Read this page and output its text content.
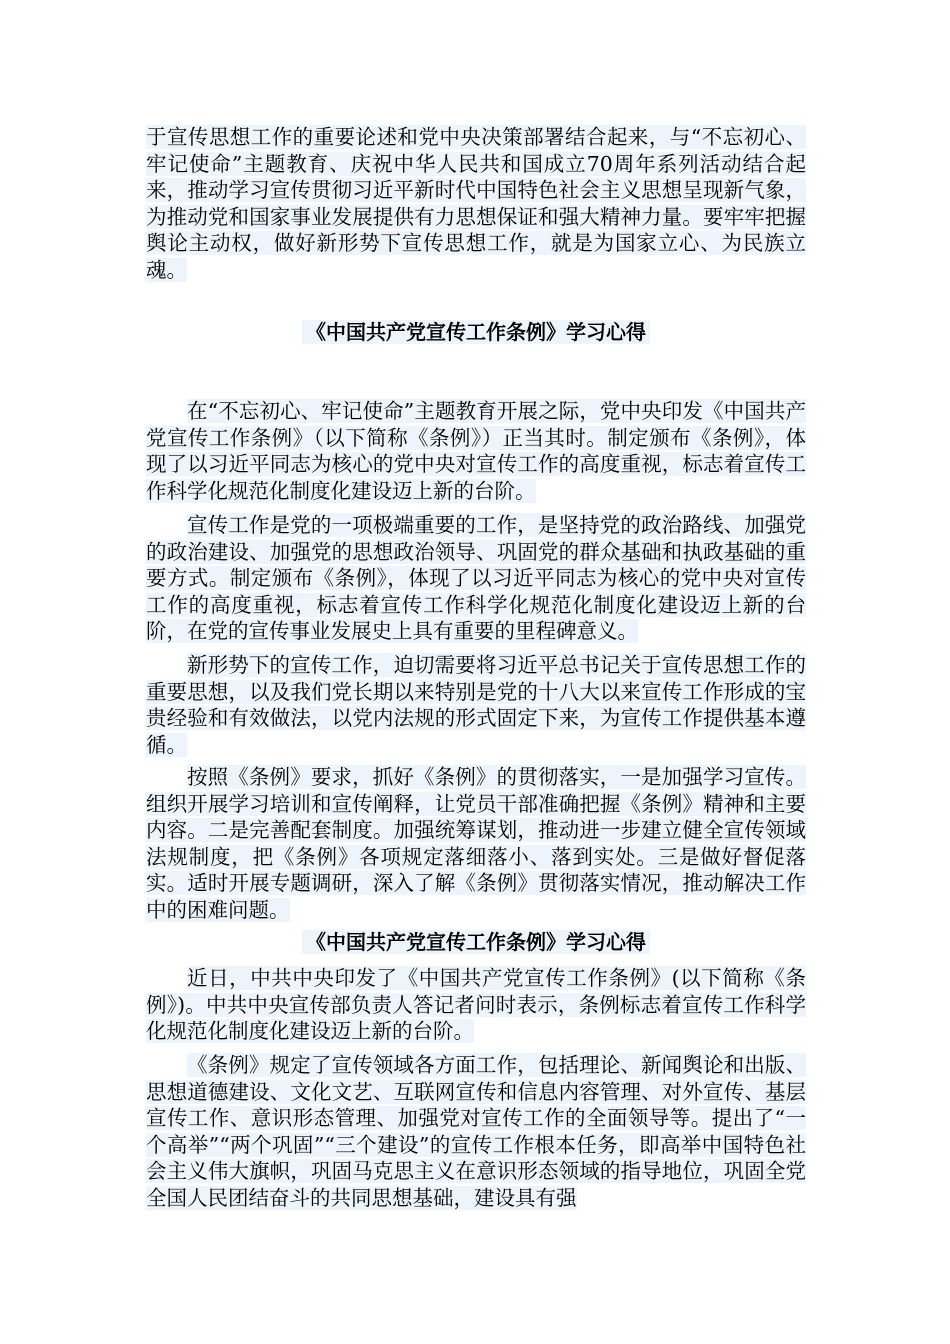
于宣传思想工作的重要论述和党中央决策部署结合起来，与“不忘初心、牢记使命”主题教育、庆祝中华人民共和国成立70周年系列活动结合起来，推动学习宣传贯彻习近平新时代中国特色社会主义思想呈现新气象，为推动党和国家事业发展提供有力思想保证和强大精神力量。要牢牢把握舆论主动权，做好新形势下宣传思想工作，就是为国家立心、为民族立魂。

《中国共产党宣传工作条例》学习心得

在“不忘初心、牢记使命”主题教育开展之际，党中央印发《中国共产党宣传工作条例》（以下简称《条例》）正当其时。制定颁布《条例》，体现了以习近平同志为核心的党中央对宣传工作的高度重视，标志着宣传工作科学化规范化制度化建设迈上新的台阶。

宣传工作是党的一项极端重要的工作，是坚持党的政治路线、加强党的政治建设、加强党的思想政治领导、巩固党的群众基础和执政基础的重要方式。制定颁布《条例》，体现了以习近平同志为核心的党中央对宣传工作的高度重视，标志着宣传工作科学化规范化制度化建设迈上新的台阶，在党的宣传事业发展史上具有重要的里程碑意义。

新形势下的宣传工作，迫切需要将习近平总书记关于宣传思想工作的重要思想，以及我们党长期以来特别是党的十八大以来宣传工作形成的宝贵经验和有效做法，以党内法规的形式固定下来，为宣传工作提供基本遵循。

按照《条例》要求，抓好《条例》的贯彻落实，一是加强学习宣传。组织开展学习培训和宣传阐释，让党员干部准确把握《条例》精神和主要内容。二是完善配套制度。加强统筹谋划，推动进一步建立健全宣传领域法规制度，把《条例》各项规定落细落小、落到实处。三是做好督促落实。适时开展专题调研，深入了解《条例》贯彻落实情况，推动解决工作中的困难问题。

《中国共产党宣传工作条例》学习心得

近日，中共中央印发了《中国共产党宣传工作条例》(以下简称《条例》)。中共中央宣传部负责人答记者问时表示，条例标志着宣传工作科学化规范化制度化建设迈上新的台阶。

《条例》规定了宣传领域各方面工作，包括理论、新闻舆论和出版、思想道德建设、文化文艺、互联网宣传和信息内容管理、对外宣传、基层宣传工作、意识形态管理、加强党对宣传工作的全面领导等。提出了“一个高举”“两个巩固”“三个建设”的宣传工作根本任务，即高举中国特色社会主义伟大旗帜，巩固马克思主义在意识形态领域的指导地位，巩固全党全国人民团结奋斗的共同思想基础，建设具有强
